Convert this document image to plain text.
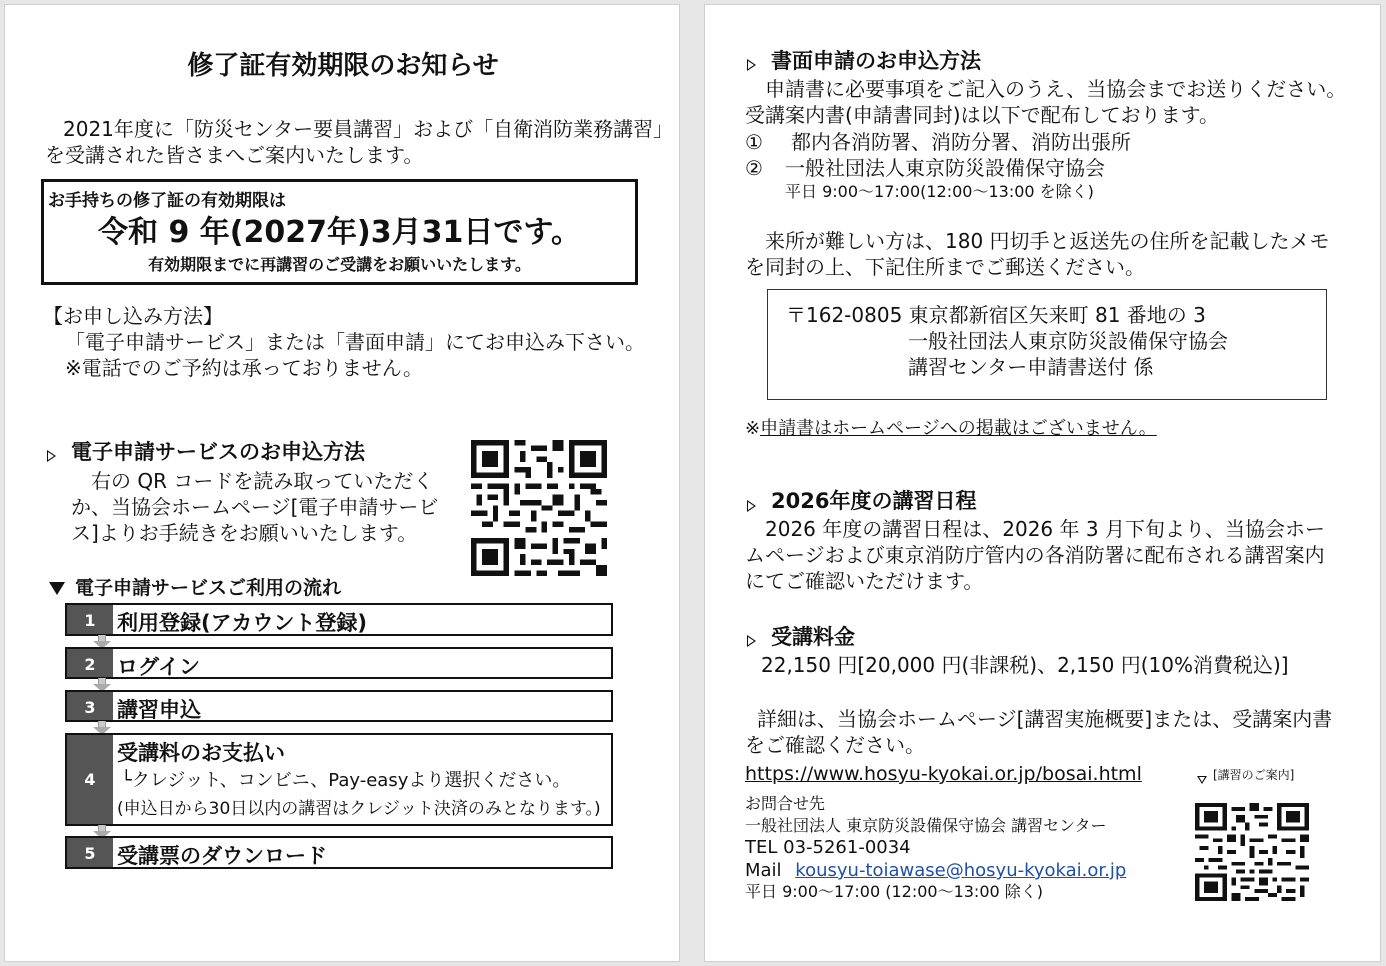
修了証有効期限のお知らせ
2021年度に「防災センター要員講習」および「自衛消防業務講習」
を受講された皆さまへご案内いたします。
お手持ちの修了証の有効期限は
令和 9 年(2027年)3月31日です。
有効期限までに再講習のご受講をお願いいたします。
【お申し込み方法】
「電子申請サービス」または「書面申請」にてお申込み下さい。
※電話でのご予約は承っておりません。
電子申請サービスのお申込方法
右の QR コードを読み取っていただく
か、当協会ホームページ[電子申請サービ
ス]よりお手続きをお願いいたします。
電子申請サービスご利用の流れ
1	利用登録(アカウント登録)
2	ログイン
3	講習申込
4
受講料のお支払い
└クレジット、コンビニ、Pay-easyより選択ください。
(申込日から30日以内の講習はクレジット決済のみとなります。)
5	受講票のダウンロード
書面申請のお申込方法
申請書に必要事項をご記入のうえ、当協会までお送りください。
受講案内書(申請書同封)は以下で配布しております。
① 都内各消防署、消防分署、消防出張所
② 一般社団法人東京防災設備保守協会
平日 9:00～17:00(12:00～13:00 を除く)
来所が難しい方は、180 円切手と返送先の住所を記載したメモ
を同封の上、下記住所までご郵送ください。
〒162-0805 東京都新宿区矢来町 81 番地の 3
一般社団法人東京防災設備保守協会
講習センター申請書送付 係
※申請書はホームページへの掲載はございません。
2026年度の講習日程
2026 年度の講習日程は、2026 年 3 月下旬より、当協会ホー
ムページおよび東京消防庁管内の各消防署に配布される講習案内
にてご確認いただけます。
受講料金
22,150 円[20,000 円(非課税)、2,150 円(10%消費税込)]
詳細は、当協会ホームページ[講習実施概要]または、受講案内書
をご確認ください。
https://www.hosyu-kyokai.or.jp/bosai.html	[講習のご案内]
お問合せ先
一般社団法人 東京防災設備保守協会 講習センター
TEL 03-5261-0034
Mail kousyu-toiawase@hosyu-kyokai.or.jp
平日 9:00～17:00 (12:00～13:00 除く)
